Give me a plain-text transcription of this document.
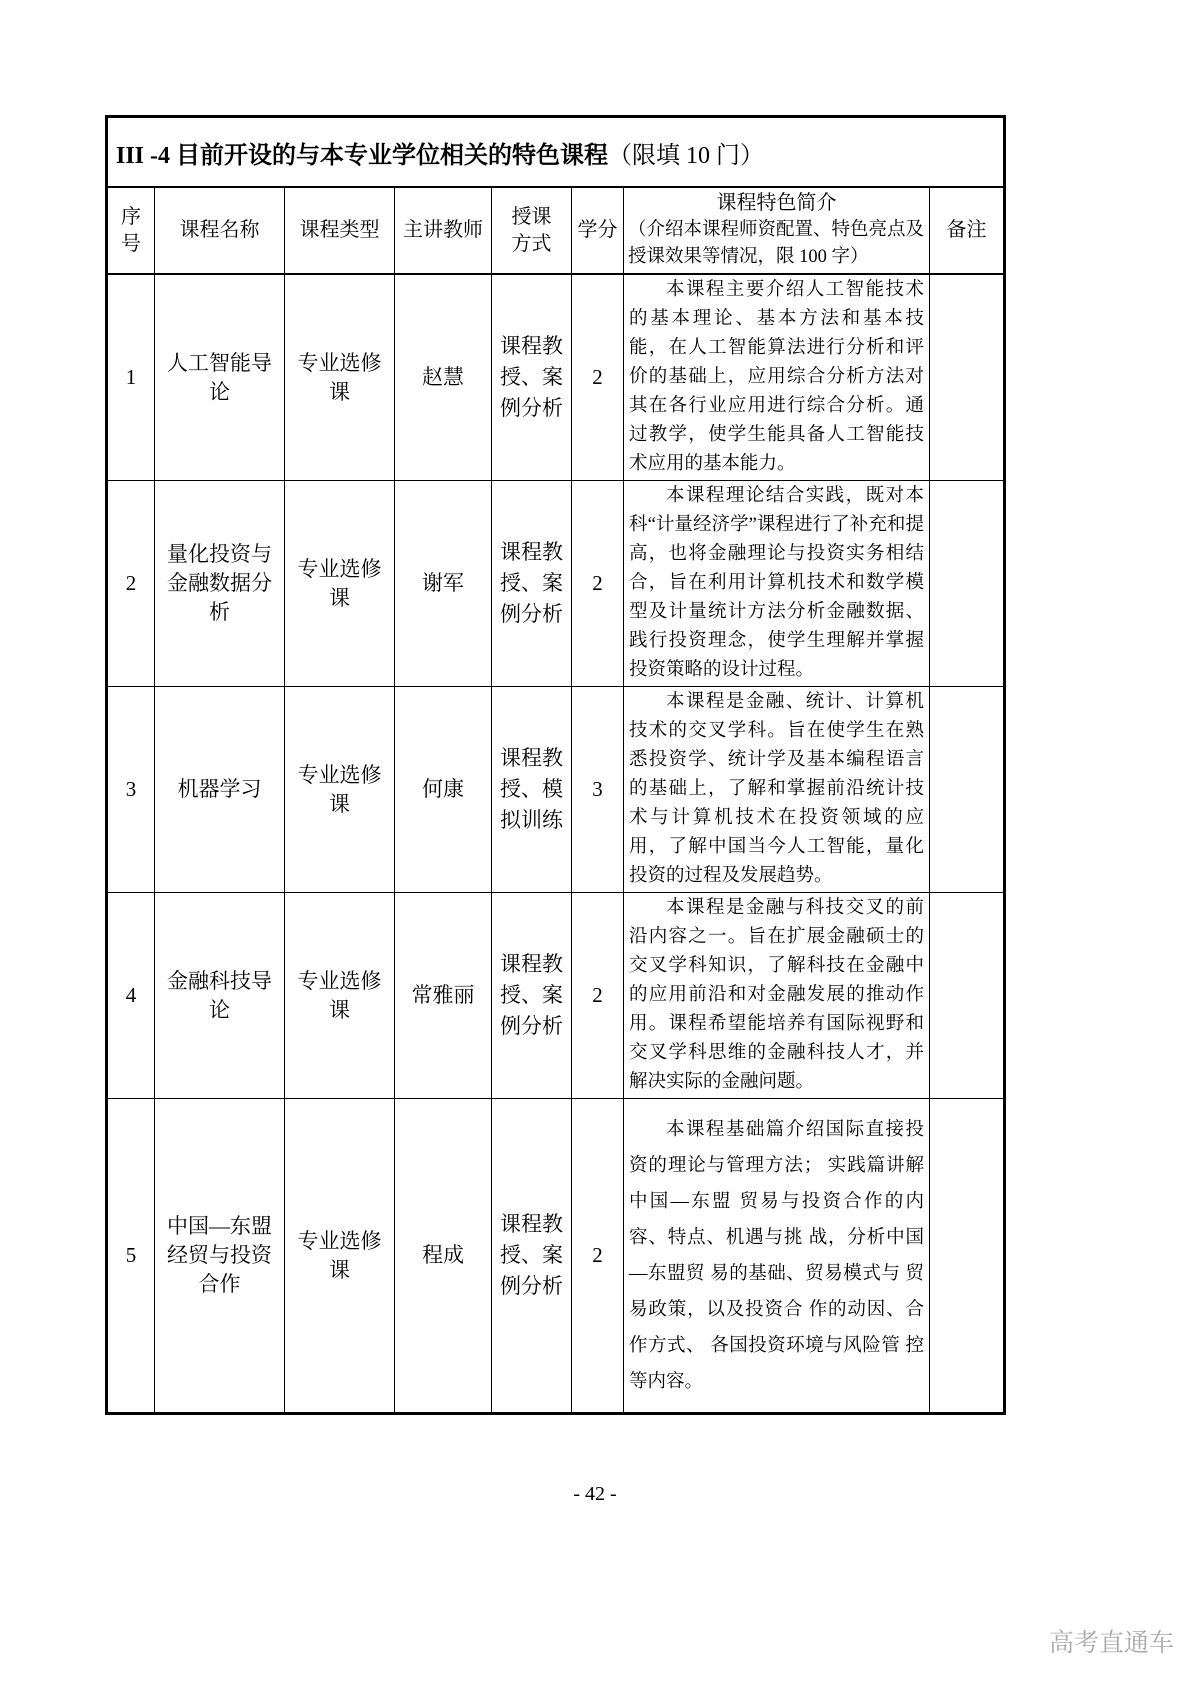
III -4 目前开设的与本专业学位相关的特色课程（限填 10 门）							
序号	课程名称	课程类型	主讲教师	授课方式	学分	课程特色简介
（介绍本课程师资配置、特色亮点及授课效果等情况，限 100 字）	备注
1	人工智能导论	专业选修课	赵慧	课程教授、案例分析	2	本课程主要介绍人工智能技术的基本理论、基本方法和基本技能，在人工智能算法进行分析和评价的基础上，应用综合分析方法对其在各行业应用进行综合分析。通过教学，使学生能具备人工智能技术应用的基本能力。	

2	量化投资与金融数据分析	专业选修课	谢军	课程教授、案例分析	2	本课程理论结合实践，既对本科“计量经济学”课程进行了补充和提高，也将金融理论与投资实务相结合，旨在利用计算机技术和数学模型及计量统计方法分析金融数据、践行投资理念，使学生理解并掌握投资策略的设计过程。	

3	机器学习	专业选修课	何康	课程教授、模拟训练	3	本课程是金融、统计、计算机技术的交叉学科。旨在使学生在熟悉投资学、统计学及基本编程语言的基础上，了解和掌握前沿统计技术与计算机技术在投资领域的应用，了解中国当今人工智能，量化投资的过程及发展趋势。	

4	金融科技导论	专业选修课	常雅丽	课程教授、案例分析	2	本课程是金融与科技交叉的前沿内容之一。旨在扩展金融硕士的交叉学科知识，了解科技在金融中的应用前沿和对金融发展的推动作用。课程希望能培养有国际视野和交叉学科思维的金融科技人才，并解决实际的金融问题。	

5	中国—东盟经贸与投资合作	专业选修课	程成	课程教授、案例分析	2	本课程基础篇介绍国际直接投资的理论与管理方法； 实践篇讲解中国—东盟 贸易与投资合作的内容、特点、机遇与挑 战，分析中国—东盟贸 易的基础、贸易模式与 贸易政策，以及投资合 作的动因、合作方式、 各国投资环境与风险管 控等内容。	

- 42 -
高考直通车
